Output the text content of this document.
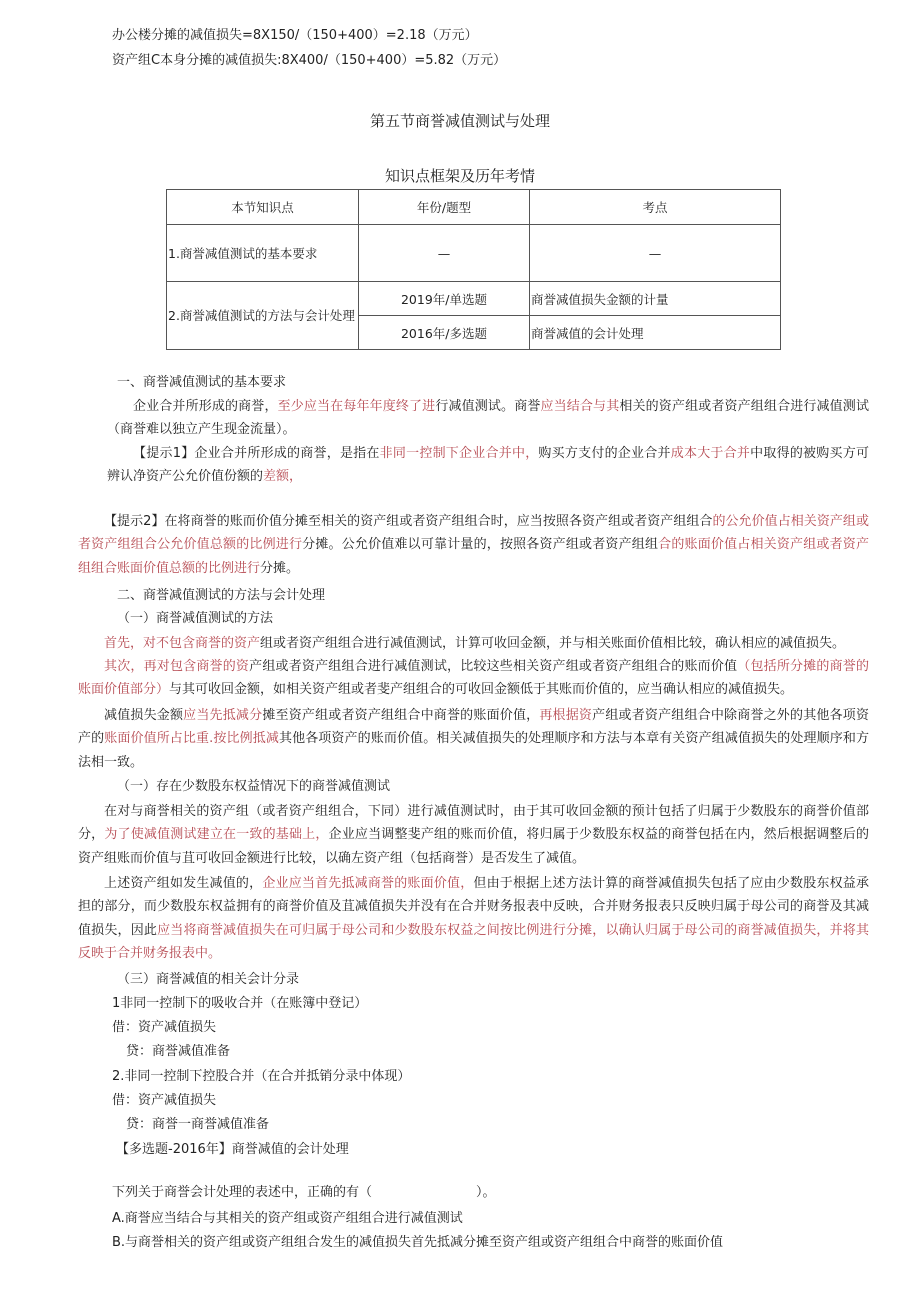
办公楼分摊的减值损失=8X150/（150+400）=2.18（万元）
资产组C本身分摊的减值损失:8X400/（150+400）=5.82（万元）
第五节商誉减值测试与处理
知识点框架及历年考情
本节知识点	年份/题型	考点
1.商誉减值测试的基本要求	—	—
2.商誉减值测试的方法与会计处理	2019年/单选题	商誉减值损失金额的计量
	2016年/多选题	商誉减值的会计处理
一、商誉减值测试的基本要求
企业合并所形成的商誉，至少应当在每年年度终了进行减值测试。商誉应当结合与其相关的资产组或者资产组组合进行减值测试（商誉难以独立产生现金流量）。
【提示1】企业合并所形成的商誉，是指在非同一控制下企业合并中，购买方支付的企业合并成本大于合并中取得的被购买方可辨认净资产公允价值份额的差额，
【提示2】在将商誉的账而价值分摊至相关的资产组或者资产组组合时，应当按照各资产组或者资产组组合的公允价值占相关资产组或者资产组组合公允价值总额的比例进行分摊。公允价值难以可靠计量的，按照各资产组或者资产组组合的账面价值占相关资产组或者资产组组合账面价值总额的比例进行分摊。
二、商誉减值测试的方法与会计处理
（一）商誉减值测试的方法
首先，对不包含商誉的资产组或者资产组组合进行减值测试，计算可收回金额，并与相关账面价值相比较，确认相应的减值损失。
其次，再对包含商誉的资产组或者资产组组合进行减值测试，比较这些相关资产组或者资产组组合的账而价值（包括所分摊的商誉的账面价值部分）与其可收回金额，如相关资产组或者斐产组组合的可收回金额低于其账而价值的，应当确认相应的减值损失。
减值损失金额应当先抵减分摊至资产组或者资产组组合中商誉的账面价值，再根据资产组或者资产组组合中除商誉之外的其他各项资产的账面价值所占比重.按比例抵减其他各项资产的账而价值。相关减值损失的处理顺序和方法与本章有关资产组减值损失的处理顺序和方法相一致。
（一）存在少数股东权益情况下的商誉减值测试
在对与商誉相关的资产组（或者资产组组合，下同）进行减值测试时，由于其可收回金额的预计包括了归属于少数股东的商誉价值部分，为了使减值测试建立在一致的基础上，企业应当调整斐产组的账而价值，将归属于少数股东权益的商誉包括在内，然后根据调整后的资产组账而价值与苴可收回金额进行比较，以确左资产组（包括商誉）是否发生了减值。
上述资产组如发生减值的，企业应当首先抵减商誉的账面价值，但由于根据上述方法计算的商誉减值损失包括了应由少数股东权益承担的部分，而少数股东权益拥有的商誉价值及苴减值损失并没有在合并财务报表中反映，合并财务报表只反映归属于母公司的商誉及其减值损失，因此应当将商誉减值损失在可归属于母公司和少数股东权益之间按比例进行分摊，以确认归属于母公司的商誉减值损失，并将其反映于合并财务报表中。
（三）商誉减值的相关会计分录
1非同一控制下的吸收合并（在账簿中登记）
借：资产减值损失
贷：商誉减值准备
2.非同一控制下控股合并（在合并抵销分录中体现）
借：资产减值损失
贷：商誉一商誉减值准备
【多选题-2016年】商誉减值的会计处理
下列关于商誉会计处理的表述中，正确的有（　　　　　　　　）。
A.商誉应当结合与其相关的资产组或资产组组合进行减值测试
B.与商誉相关的资产组或资产组组合发生的减值损失首先抵减分摊至资产组或资产组组合中商誉的账面价值
